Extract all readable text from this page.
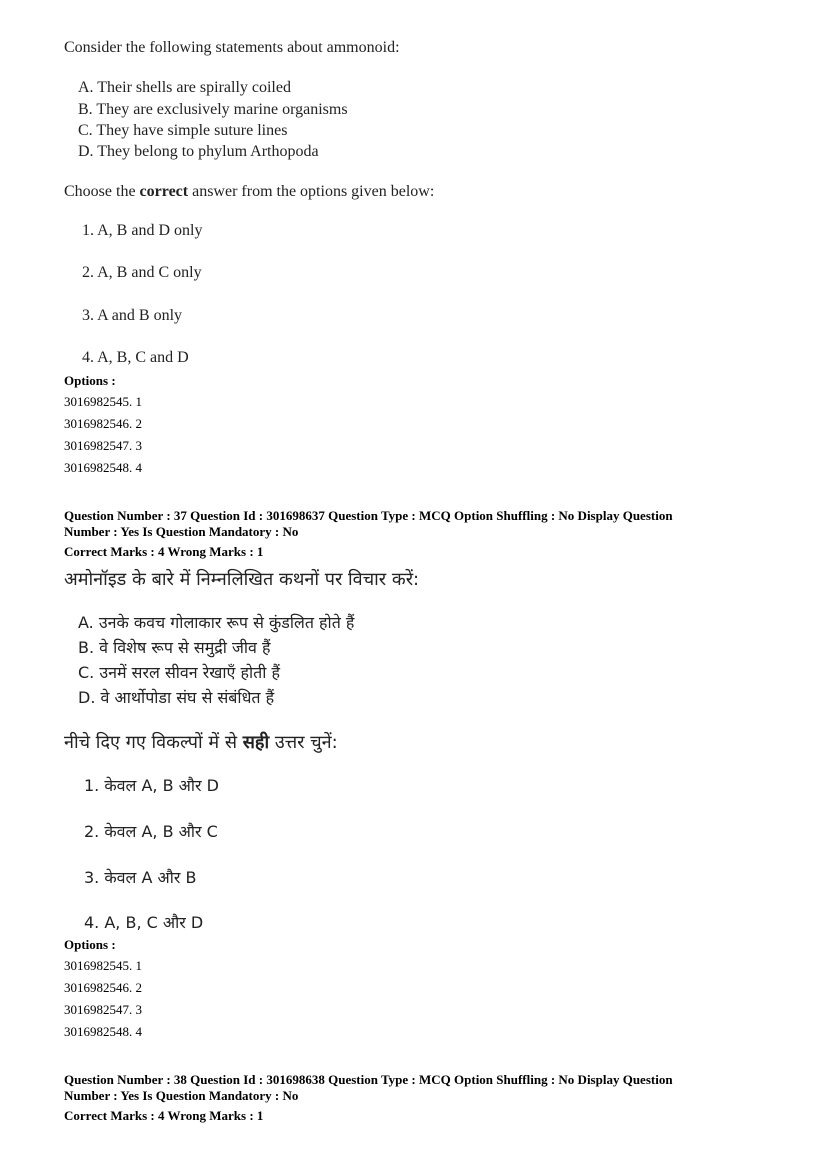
Consider the following statements about ammonoid:
A. Their shells are spirally coiled
B. They are exclusively marine organisms
C. They have simple suture lines
D. They belong to phylum Arthopoda
Choose the correct answer from the options given below:
1. A, B and D only
2. A, B and C only
3. A and B only
4. A, B, C and D
Options :
3016982545. 1
3016982546. 2
3016982547. 3
3016982548. 4
Question Number : 37 Question Id : 301698637 Question Type : MCQ Option Shuffling : No Display Question
Number : Yes Is Question Mandatory : No
Correct Marks : 4 Wrong Marks : 1
अमोनॉइड के बारे में निम्नलिखित कथनों पर विचार करें:
A. उनके कवच गोलाकार रूप से कुंडलित होते हैं
B. वे विशेष रूप से समुद्री जीव हैं
C. उनमें सरल सीवन रेखाएँ होती हैं
D. वे आर्थोपोडा संघ से संबंधित हैं
नीचे दिए गए विकल्पों में से सही उत्तर चुनें:
1. केवल A, B और D
2. केवल A, B और C
3. केवल A और B
4. A, B, C और D
Options :
3016982545. 1
3016982546. 2
3016982547. 3
3016982548. 4
Question Number : 38 Question Id : 301698638 Question Type : MCQ Option Shuffling : No Display Question
Number : Yes Is Question Mandatory : No
Correct Marks : 4 Wrong Marks : 1
